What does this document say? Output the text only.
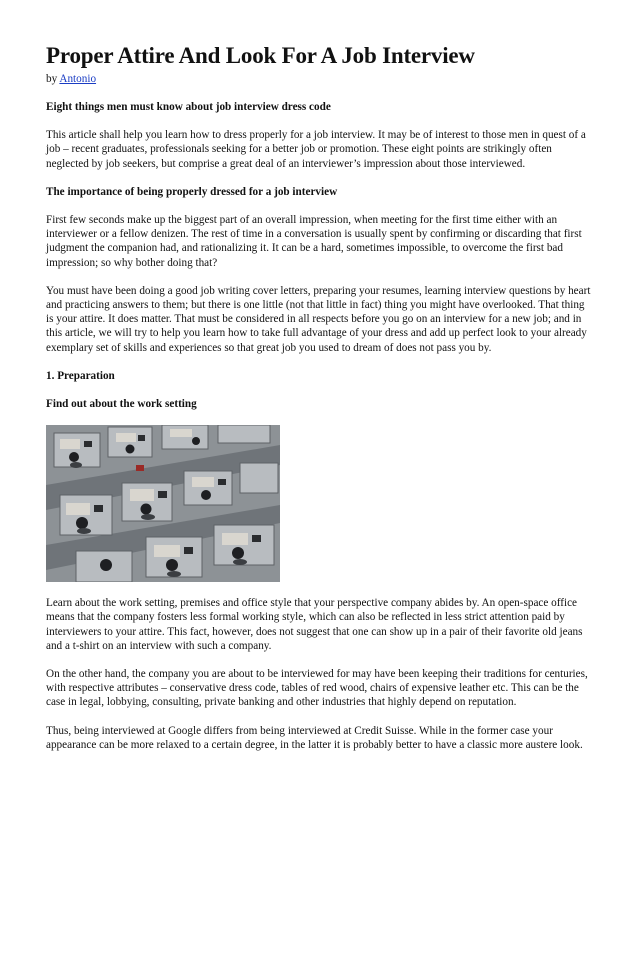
Proper Attire And Look For A Job Interview
by Antonio
Eight things men must know about job interview dress code

This article shall help you learn how to dress properly for a job interview. It may be of interest to those men in quest of a job – recent graduates, professionals seeking for a better job or promotion. These eight points are strikingly often neglected by job seekers, but comprise a great deal of an interviewer’s impression about those interviewed.

The importance of being properly dressed for a job interview

First few seconds make up the biggest part of an overall impression, when meeting for the first time either with an interviewer or a fellow denizen. The rest of time in a conversation is usually spent by confirming or discarding that first judgment the companion had, and rationalizing it. It can be a hard, sometimes impossible, to overcome the first bad impression; so why bother doing that?

You must have been doing a good job writing cover letters, preparing your resumes, learning interview questions by heart and practicing answers to them; but there is one little (not that little in fact) thing you might have overlooked. That thing is your attire. It does matter. That must be considered in all respects before you go on an interview for a new job; and in this article, we will try to help you learn how to take full advantage of your dress and add up perfect look to your already exemplary set of skills and experiences so that great job you used to dream of does not pass you by.

1. Preparation
Find out about the work setting

Learn about the work setting, premises and office style that your perspective company abides by. An open-space office means that the company fosters less formal working style, which can also be reflected in less strict attention paid by interviewers to your attire. This fact, however, does not suggest that one can show up in a pair of their favorite old jeans and a t-shirt on an interview with such a company.

On the other hand, the company you are about to be interviewed for may have been keeping their traditions for centuries, with respective attributes – conservative dress code, tables of red wood, chairs of expensive leather etc. This can be the case in legal, lobbying, consulting, private banking and other industries that highly depend on reputation.

Thus, being interviewed at Google differs from being interviewed at Credit Suisse. While in the former case your appearance can be more relaxed to a certain degree, in the latter it is probably better to have a classic more austere look.
